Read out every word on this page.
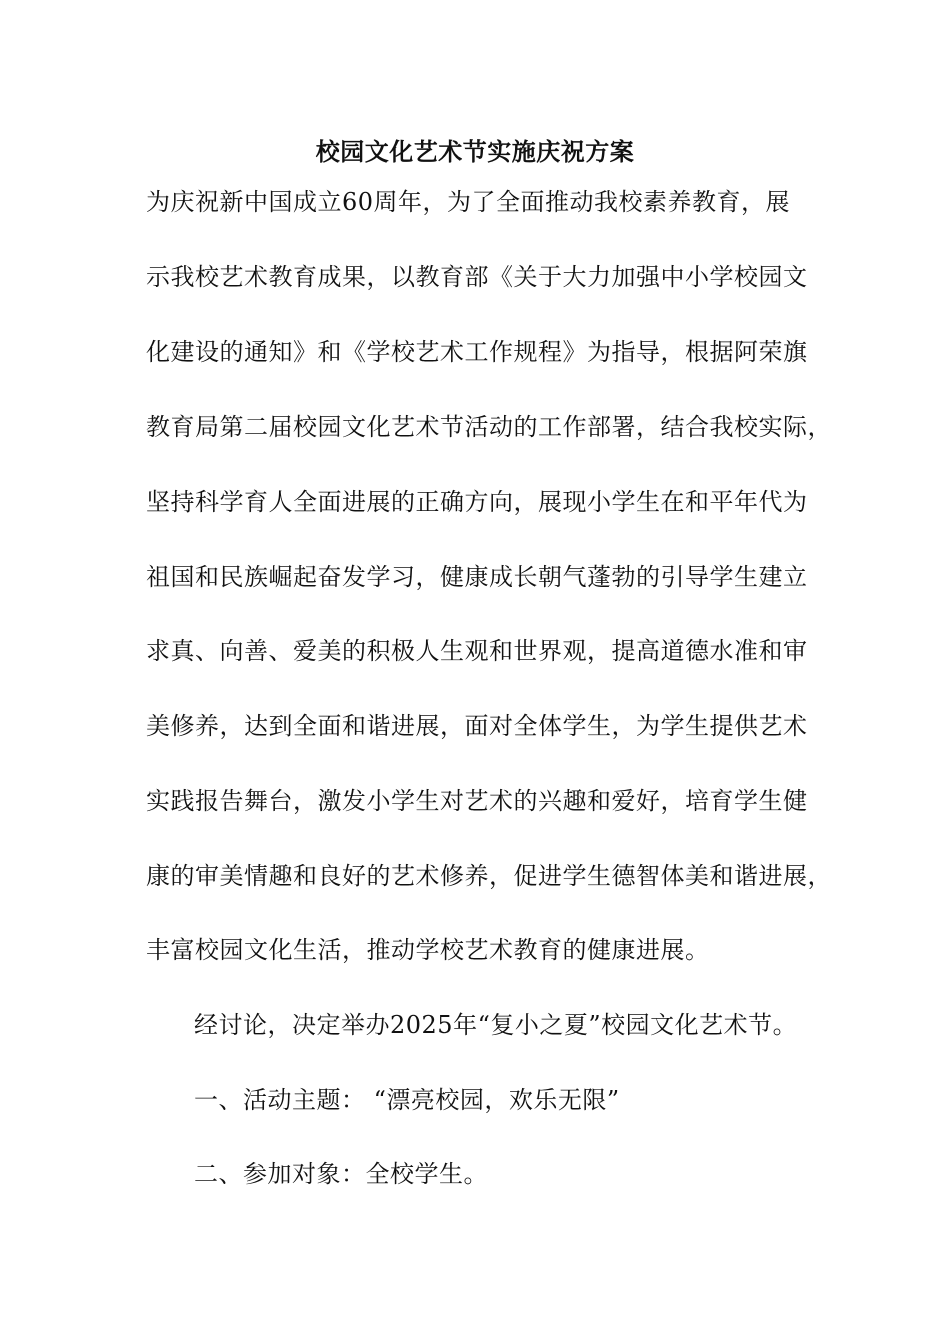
校园文化艺术节实施庆祝方案
为庆祝新中国成立60周年，为了全面推动我校素养教育，展
示我校艺术教育成果，以教育部《关于大力加强中小学校园文
化建设的通知》和《学校艺术工作规程》为指导，根据阿荣旗
教育局第二届校园文化艺术节活动的工作部署，结合我校实际，
坚持科学育人全面进展的正确方向，展现小学生在和平年代为
祖国和民族崛起奋发学习，健康成长朝气蓬勃的引导学生建立
求真、向善、爱美的积极人生观和世界观，提高道德水准和审
美修养，达到全面和谐进展，面对全体学生，为学生提供艺术
实践报告舞台，激发小学生对艺术的兴趣和爱好，培育学生健
康的审美情趣和良好的艺术修养，促进学生德智体美和谐进展，
丰富校园文化生活，推动学校艺术教育的健康进展。
经讨论，决定举办2025年“复小之夏”校园文化艺术节。
一、活动主题： “漂亮校园，欢乐无限”
二、参加对象：全校学生。
